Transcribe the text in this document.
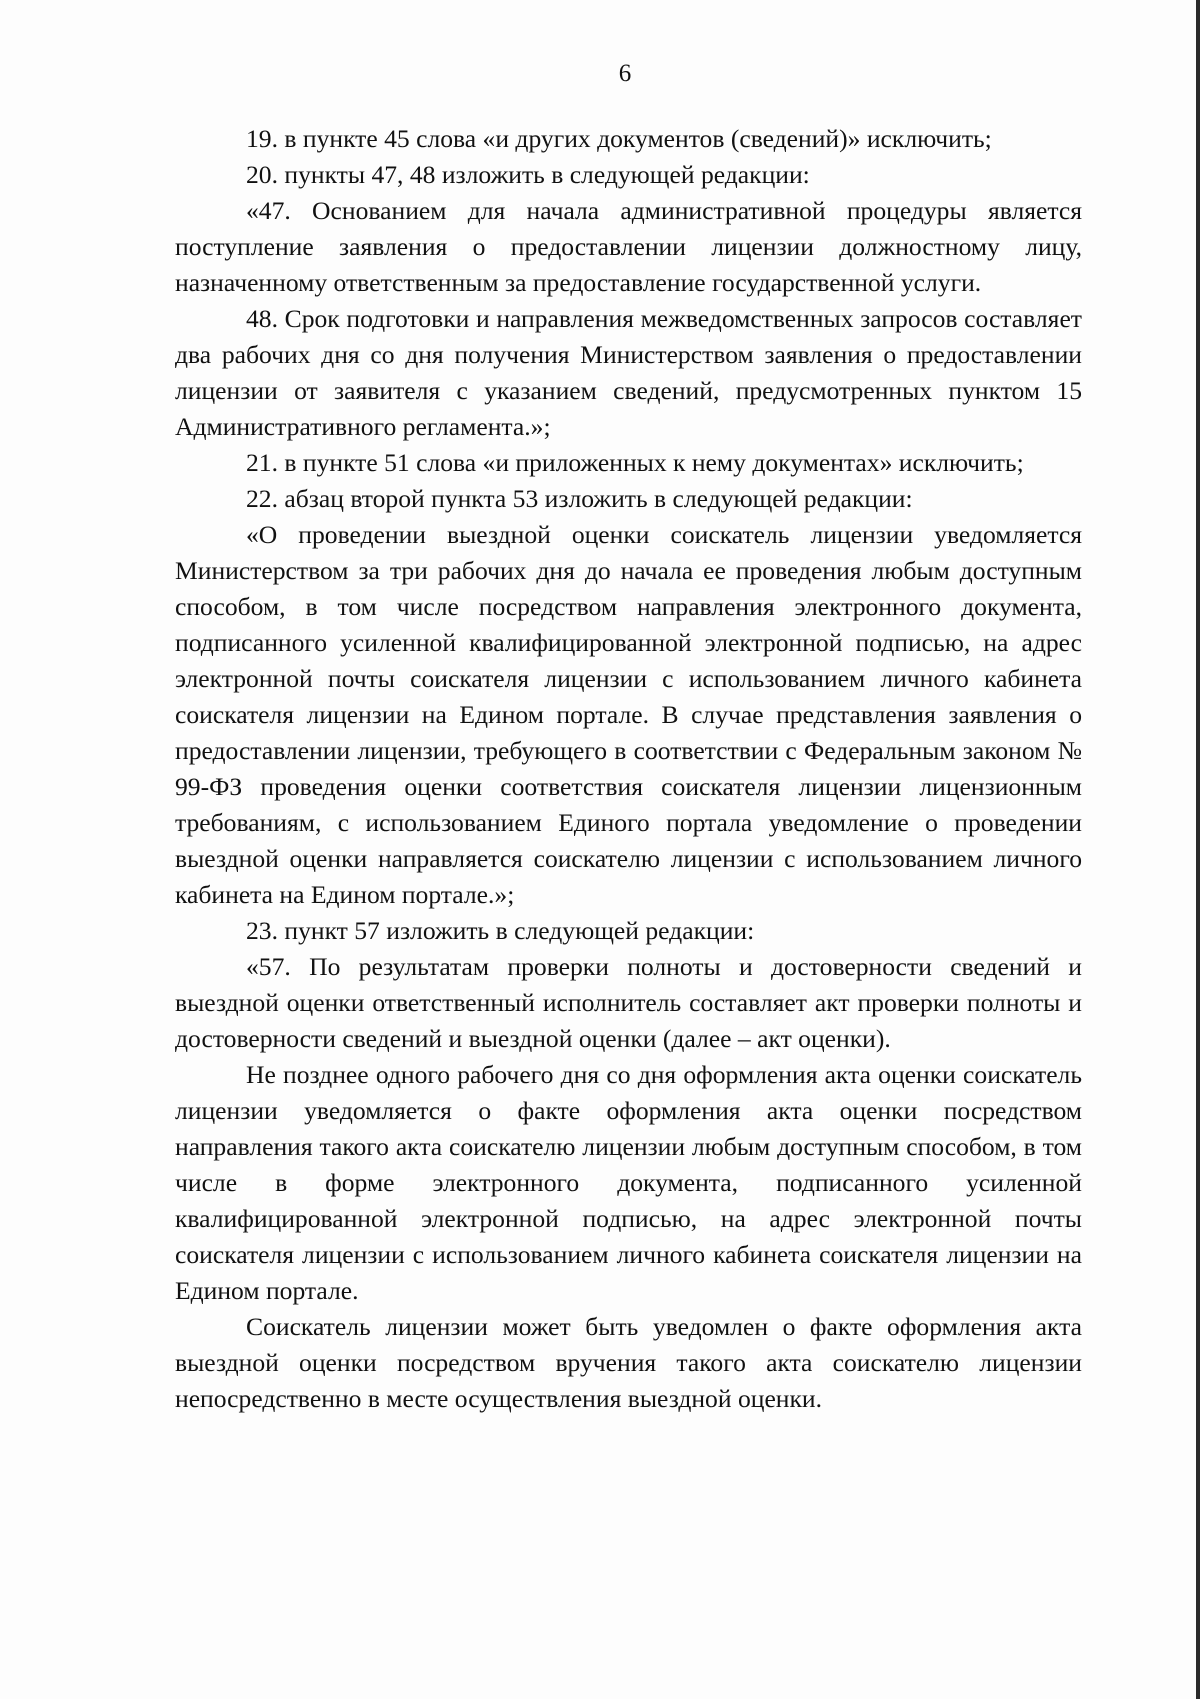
6

19. в пункте 45 слова «и других документов (сведений)» исключить;

20. пункты 47, 48 изложить в следующей редакции:

«47. Основанием для начала административной процедуры является поступление заявления о предоставлении лицензии должностному лицу, назначенному ответственным за предоставление государственной услуги.

48. Срок подготовки и направления межведомственных запросов составляет два рабочих дня со дня получения Министерством заявления о предоставлении лицензии от заявителя с указанием сведений, предусмотренных пунктом 15 Административного регламента.»;

21. в пункте 51 слова «и приложенных к нему документах» исключить;

22. абзац второй пункта 53 изложить в следующей редакции:

«О проведении выездной оценки соискатель лицензии уведомляется Министерством за три рабочих дня до начала ее проведения любым доступным способом, в том числе посредством направления электронного документа, подписанного усиленной квалифицированной электронной подписью, на адрес электронной почты соискателя лицензии с использованием личного кабинета соискателя лицензии на Едином портале. В случае представления заявления о предоставлении лицензии, требующего в соответствии с Федеральным законом № 99-ФЗ проведения оценки соответствия соискателя лицензии лицензионным требованиям, с использованием Единого портала уведомление о проведении выездной оценки направляется соискателю лицензии с использованием личного кабинета на Едином портале.»;

23. пункт 57 изложить в следующей редакции:

«57. По результатам проверки полноты и достоверности сведений и выездной оценки ответственный исполнитель составляет акт проверки полноты и достоверности сведений и выездной оценки (далее – акт оценки).

Не позднее одного рабочего дня со дня оформления акта оценки соискатель лицензии уведомляется о факте оформления акта оценки посредством направления такого акта соискателю лицензии любым доступным способом, в том числе в форме электронного документа, подписанного усиленной квалифицированной электронной подписью, на адрес электронной почты соискателя лицензии с использованием личного кабинета соискателя лицензии на Едином портале.

Соискатель лицензии может быть уведомлен о факте оформления акта выездной оценки посредством вручения такого акта соискателю лицензии непосредственно в месте осуществления выездной оценки.
